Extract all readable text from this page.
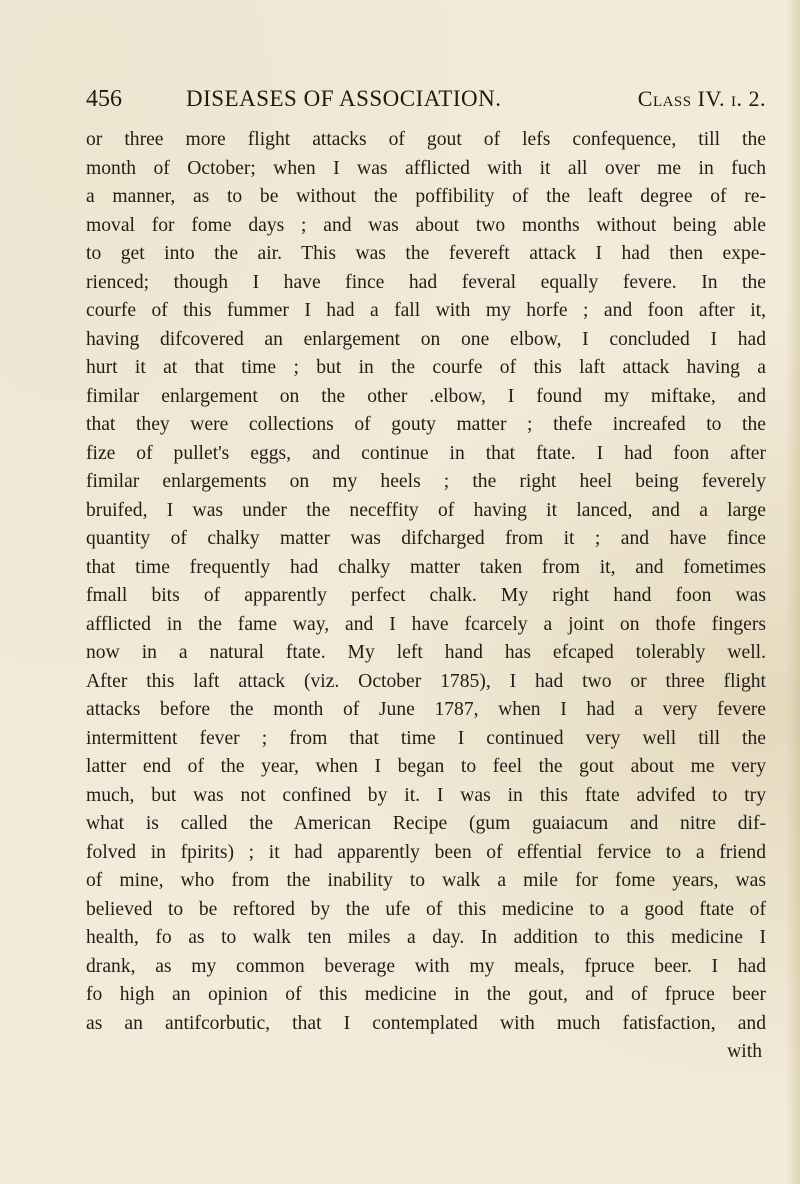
456	DISEASES OF ASSOCIATION.	Class IV. i. 2.
or three more flight attacks of gout of lefs confequence, till the
month of October; when I was afflicted with it all over me in fuch
a manner, as to be without the poffibility of the leaft degree of re-
moval for fome days ; and was about two months without being able
to get into the air. This was the fevereft attack I had then expe-
rienced; though I have fince had feveral equally fevere. In the
courfe of this fummer I had a fall with my horfe ; and foon after it,
having difcovered an enlargement on one elbow, I concluded I had
hurt it at that time ; but in the courfe of this laft attack having a
fimilar enlargement on the other .elbow, I found my miftake, and
that they were collections of gouty matter ; thefe increafed to the
fize of pullet's eggs, and continue in that ftate. I had foon after
fimilar enlargements on my heels ; the right heel being feverely
bruifed, I was under the neceffity of having it lanced, and a large
quantity of chalky matter was difcharged from it ; and have fince
that time frequently had chalky matter taken from it, and fometimes
fmall bits of apparently perfect chalk. My right hand foon was
afflicted in the fame way, and I have fcarcely a joint on thofe fingers
now in a natural ftate. My left hand has efcaped tolerably well.
After this laft attack (viz. October 1785), I had two or three flight
attacks before the month of June 1787, when I had a very fevere
intermittent fever ; from that time I continued very well till the
latter end of the year, when I began to feel the gout about me very
much, but was not confined by it. I was in this ftate advifed to try
what is called the American Recipe (gum guaiacum and nitre dif-
folved in fpirits) ; it had apparently been of effential fervice to a friend
of mine, who from the inability to walk a mile for fome years, was
believed to be reftored by the ufe of this medicine to a good ftate of
health, fo as to walk ten miles a day. In addition to this medicine I
drank, as my common beverage with my meals, fpruce beer. I had
fo high an opinion of this medicine in the gout, and of fpruce beer
as an antifcorbutic, that I contemplated with much fatisfaction, and
with
